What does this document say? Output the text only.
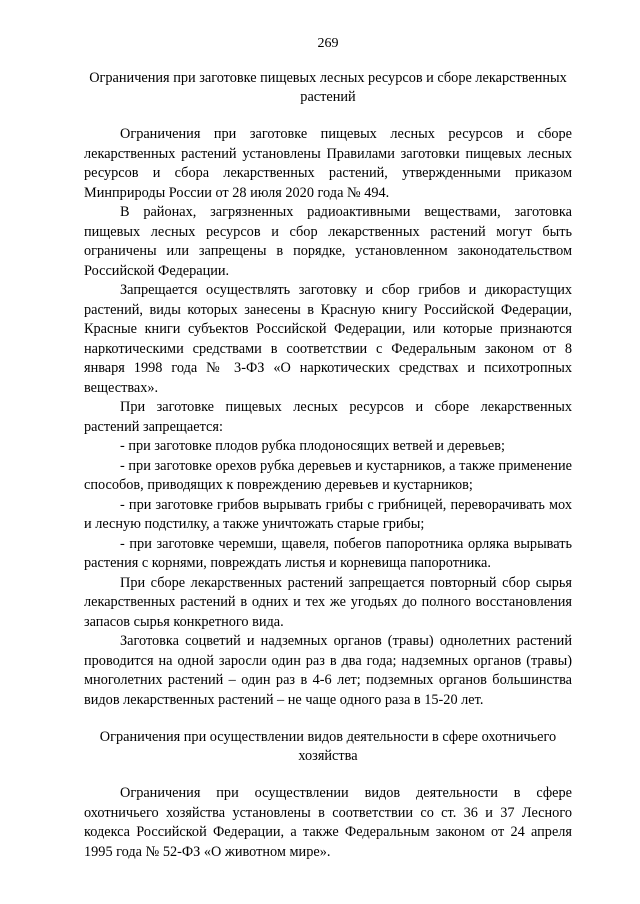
269
Ограничения при заготовке пищевых лесных ресурсов и сборе лекарственных растений

Ограничения при заготовке пищевых лесных ресурсов и сборе лекарственных растений установлены Правилами заготовки пищевых лесных ресурсов и сбора лекарственных растений, утвержденными приказом Минприроды России от 28 июля 2020 года № 494.

В районах, загрязненных радиоактивными веществами, заготовка пищевых лесных ресурсов и сбор лекарственных растений могут быть ограничены или запрещены в порядке, установленном законодательством Российской Федерации.

Запрещается осуществлять заготовку и сбор грибов и дикорастущих растений, виды которых занесены в Красную книгу Российской Федерации, Красные книги субъектов Российской Федерации, или которые признаются наркотическими средствами в соответствии с Федеральным законом от 8 января 1998 года № 3-ФЗ «О наркотических средствах и психотропных веществах».

При заготовке пищевых лесных ресурсов и сборе лекарственных растений запрещается:

- при заготовке плодов рубка плодоносящих ветвей и деревьев;

- при заготовке орехов рубка деревьев и кустарников, а также применение способов, приводящих к повреждению деревьев и кустарников;

- при заготовке грибов вырывать грибы с грибницей, переворачивать мох и лесную подстилку, а также уничтожать старые грибы;

- при заготовке черемши, щавеля, побегов папоротника орляка вырывать растения с корнями, повреждать листья и корневища папоротника.

При сборе лекарственных растений запрещается повторный сбор сырья лекарственных растений в одних и тех же угодьях до полного восстановления запасов сырья конкретного вида.

Заготовка соцветий и надземных органов (травы) однолетних растений проводится на одной заросли один раз в два года; надземных органов (травы) многолетних растений – один раз в 4-6 лет; подземных органов большинства видов лекарственных растений – не чаще одного раза в 15-20 лет.

Ограничения при осуществлении видов деятельности в сфере охотничьего хозяйства

Ограничения при осуществлении видов деятельности в сфере охотничьего хозяйства установлены в соответствии со ст. 36 и 37 Лесного кодекса Российской Федерации, а также Федеральным законом от 24 апреля 1995 года № 52-ФЗ «О животном мире».
